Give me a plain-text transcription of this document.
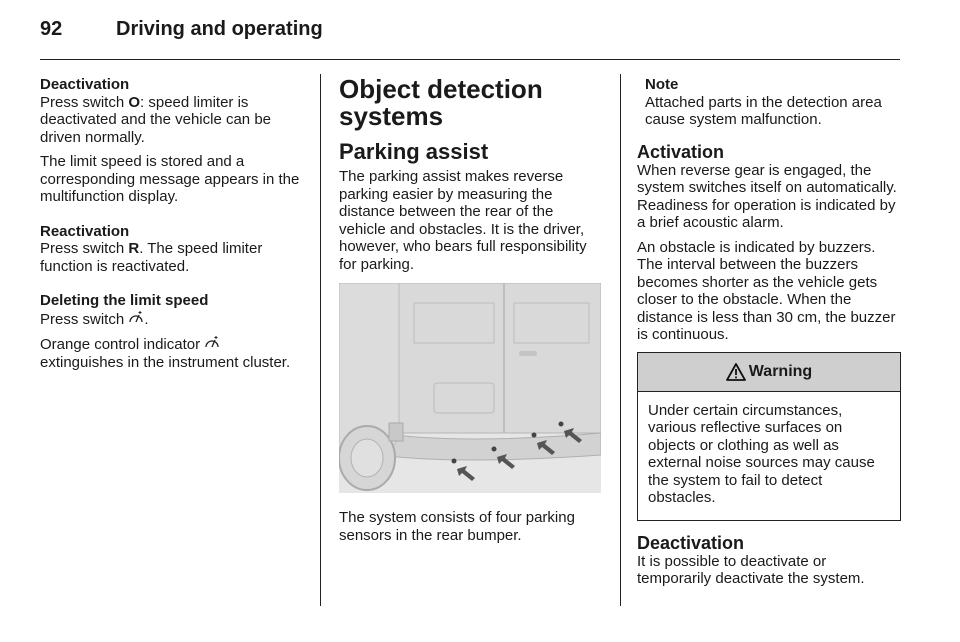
92	Driving and operating
Deactivation

Press switch O: speed limiter is deactivated and the vehicle can be driven normally.

The limit speed is stored and a corresponding message appears in the multifunction display.

Reactivation

Press switch R. The speed limiter function is reactivated.

Deleting the limit speed

Press switch .

Orange control indicator  extinguishes in the instrument cluster.

Object detection systems
Parking assist

The parking assist makes reverse parking easier by measuring the distance between the rear of the vehicle and obstacles. It is the driver, however, who bears full responsibility for parking.

The system consists of four parking sensors in the rear bumper.

Note

Attached parts in the detection area cause system malfunction.

Activation

When reverse gear is engaged, the system switches itself on automatically. Readiness for operation is indicated by a brief acoustic alarm.

An obstacle is indicated by buzzers. The interval between the buzzers becomes shorter as the vehicle gets closer to the obstacle. When the distance is less than 30 cm, the buzzer is continuous.

Warning

Under certain circumstances, various reflective surfaces on objects or clothing as well as external noise sources may cause the system to fail to detect obstacles.

Deactivation

It is possible to deactivate or temporarily deactivate the system.
